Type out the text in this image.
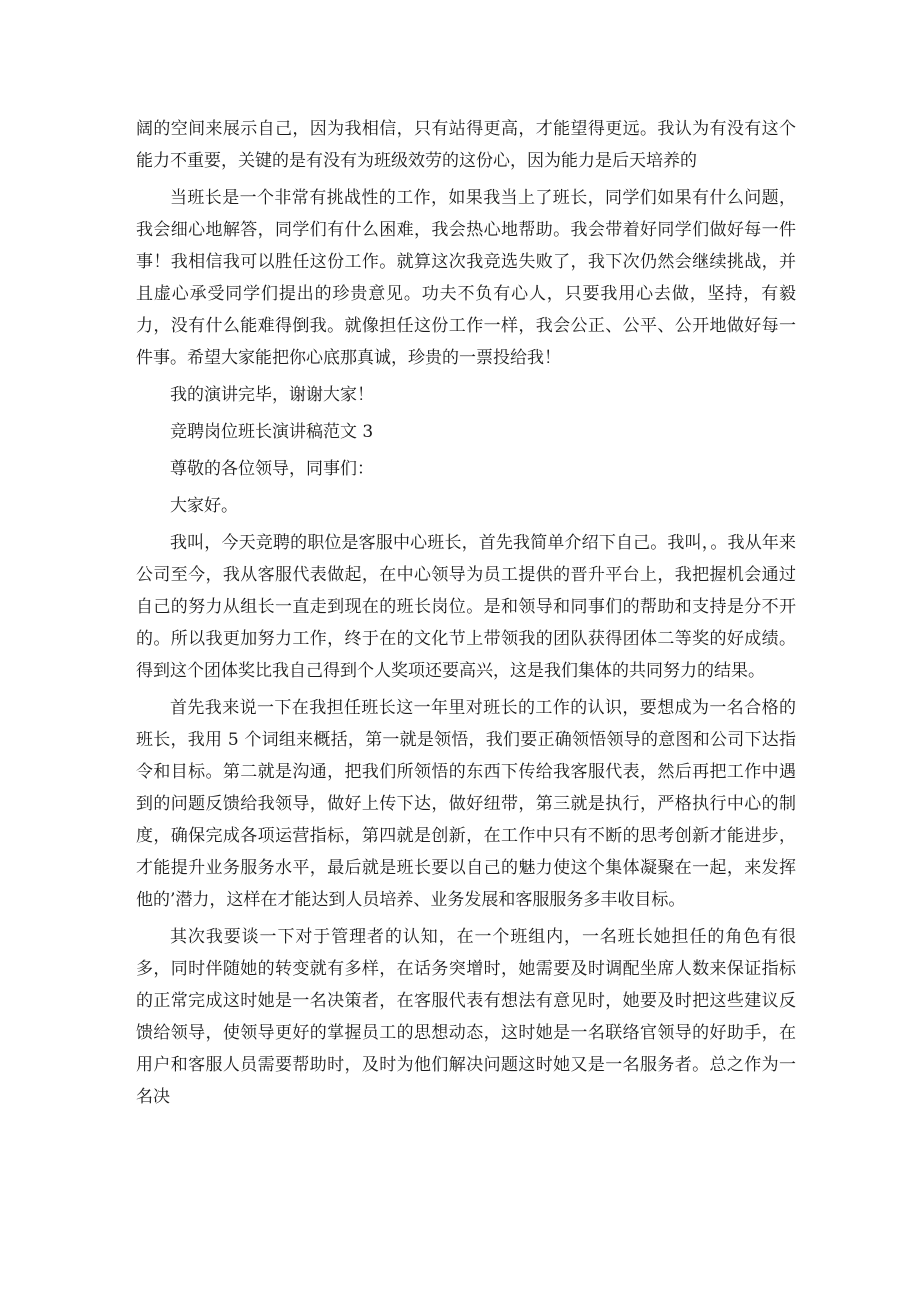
阔的空间来展示自己，因为我相信，只有站得更高，才能望得更远。我认为有没有这个能力不重要，关键的是有没有为班级效劳的这份心，因为能力是后天培养的

当班长是一个非常有挑战性的工作，如果我当上了班长，同学们如果有什么问题，我会细心地解答，同学们有什么困难，我会热心地帮助。我会带着好同学们做好每一件事！我相信我可以胜任这份工作。就算这次我竞选失败了，我下次仍然会继续挑战，并且虚心承受同学们提出的珍贵意见。功夫不负有心人，只要我用心去做，坚持，有毅力，没有什么能难得倒我。就像担任这份工作一样，我会公正、公平、公开地做好每一件事。希望大家能把你心底那真诚，珍贵的一票投给我！

我的演讲完毕，谢谢大家！

竞聘岗位班长演讲稿范文 3

尊敬的各位领导，同事们：

大家好。

我叫，今天竞聘的职位是客服中心班长，首先我简单介绍下自己。我叫，。我从年来公司至今，我从客服代表做起，在中心领导为员工提供的晋升平台上，我把握机会通过自己的努力从组长一直走到现在的班长岗位。是和领导和同事们的帮助和支持是分不开的。所以我更加努力工作，终于在的文化节上带领我的团队获得团体二等奖的好成绩。得到这个团体奖比我自己得到个人奖项还要高兴，这是我们集体的共同努力的结果。

首先我来说一下在我担任班长这一年里对班长的工作的认识，要想成为一名合格的班长，我用 5 个词组来概括，第一就是领悟，我们要正确领悟领导的意图和公司下达指令和目标。第二就是沟通，把我们所领悟的东西下传给我客服代表，然后再把工作中遇到的问题反馈给我领导，做好上传下达，做好纽带，第三就是执行，严格执行中心的制度，确保完成各项运营指标，第四就是创新，在工作中只有不断的思考创新才能进步，才能提升业务服务水平，最后就是班长要以自己的魅力使这个集体凝聚在一起，来发挥他的’潜力，这样在才能达到人员培养、业务发展和客服服务多丰收目标。

其次我要谈一下对于管理者的认知，在一个班组内，一名班长她担任的角色有很多，同时伴随她的转变就有多样，在话务突增时，她需要及时调配坐席人数来保证指标的正常完成这时她是一名决策者，在客服代表有想法有意见时，她要及时把这些建议反馈给领导，使领导更好的掌握员工的思想动态，这时她是一名联络官领导的好助手，在用户和客服人员需要帮助时，及时为他们解决问题这时她又是一名服务者。总之作为一名决
